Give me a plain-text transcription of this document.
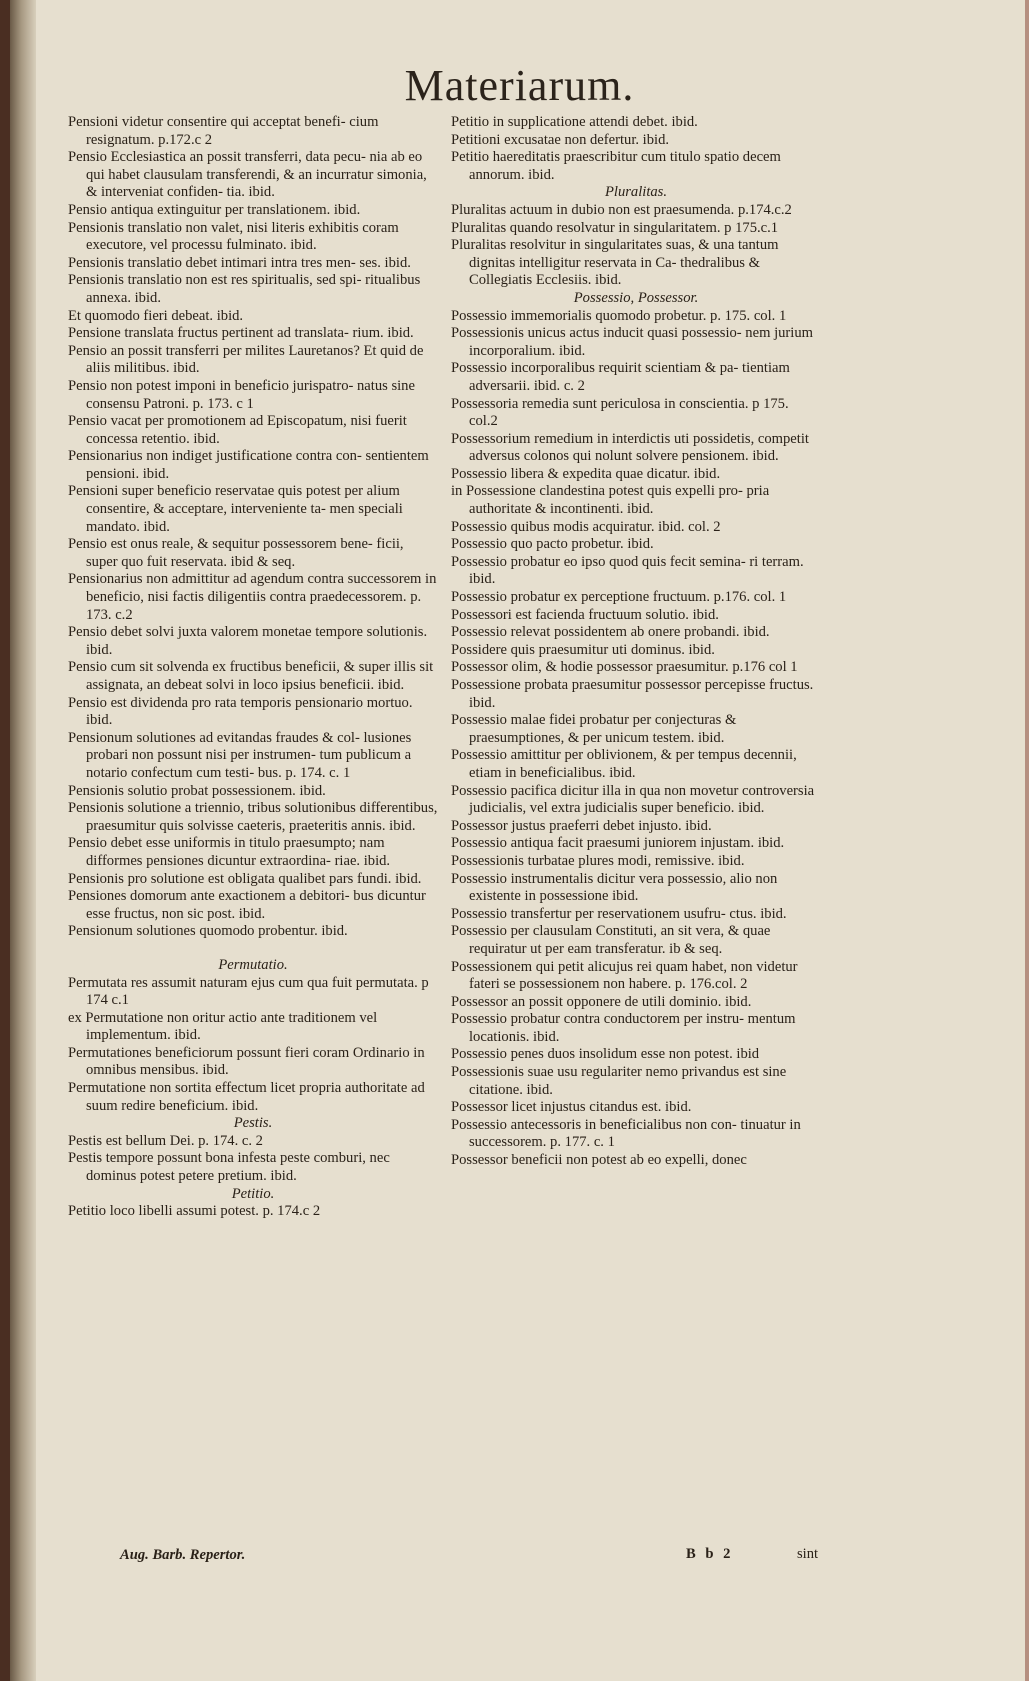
Materiarum.
Pensioni videtur consentire qui acceptat benefi- cium resignatum. p.172.c 2
Pensio Ecclesiastica an possit transferri, data pecu- nia ab eo qui habet clausulam transferendi, & an incurratur simonia, & interveniat confiden- tia. ibid.
Pensio antiqua extinguitur per translationem. ibid.
Pensionis translatio non valet, nisi literis exhibitis coram executore, vel processu fulminato. ibid.
Pensionis translatio debet intimari intra tres men- ses. ibid.
Pensionis translatio non est res spiritualis, sed spi- ritualibus annexa. ibid.
Et quomodo fieri debeat. ibid.
Pensione translata fructus pertinent ad translata- rium. ibid.
Pensio an possit transferri per milites Lauretanos? Et quid de aliis militibus. ibid.
Pensio non potest imponi in beneficio jurispatro- natus sine consensu Patroni. p. 173. c 1
Pensio vacat per promotionem ad Episcopatum, nisi fuerit concessa retentio. ibid.
Pensionarius non indiget justificatione contra con- sentientem pensioni. ibid.
Pensioni super beneficio reservatae quis potest per alium consentire, & acceptare, interveniente ta- men speciali mandato. ibid.
Pensio est onus reale, & sequitur possessorem bene- ficii, super quo fuit reservata. ibid & seq.
Pensionarius non admittitur ad agendum contra successorem in beneficio, nisi factis diligentiis contra praedecessorem. p. 173. c.2
Pensio debet solvi juxta valorem monetae tempore solutionis. ibid.
Pensio cum sit solvenda ex fructibus beneficii, & super illis sit assignata, an debeat solvi in loco ipsius beneficii. ibid.
Pensio est dividenda pro rata temporis pensionario mortuo. ibid.
Pensionum solutiones ad evitandas fraudes & col- lusiones probari non possunt nisi per instrumen- tum publicum a notario confectum cum testi- bus. p. 174. c. 1
Pensionis solutio probat possessionem. ibid.
Pensionis solutione a triennio, tribus solutionibus differentibus, praesumitur quis solvisse caeteris, praeteritis annis. ibid.
Pensio debet esse uniformis in titulo praesumpto; nam difformes pensiones dicuntur extraordina- riae. ibid.
Pensionis pro solutione est obligata qualibet pars fundi. ibid.
Pensiones domorum ante exactionem a debitori- bus dicuntur esse fructus, non sic post. ibid.
Pensionum solutiones quomodo probentur. ibid.
Permutatio.
Permutata res assumit naturam ejus cum qua fuit permutata. p 174 c.1
ex Permutatione non oritur actio ante traditionem vel implementum. ibid.
Permutationes beneficiorum possunt fieri coram Ordinario in omnibus mensibus. ibid.
Permutatione non sortita effectum licet propria authoritate ad suum redire beneficium. ibid.
Pestis.
Pestis est bellum Dei. p. 174. c. 2
Pestis tempore possunt bona infesta peste comburi, nec dominus potest petere pretium. ibid.
Petitio.
Petitio loco libelli assumi potest. p. 174.c 2
Petitio in supplicatione attendi debet. ibid.
Petitioni excusatae non defertur. ibid.
Petitio haereditatis praescribitur cum titulo spatio decem annorum. ibid.
Pluralitas.
Pluralitas actuum in dubio non est praesumenda. p.174.c.2
Pluralitas quando resolvatur in singularitatem. p 175.c.1
Pluralitas resolvitur in singularitates suas, & una tantum dignitas intelligitur reservata in Ca- thedralibus & Collegiatis Ecclesiis. ibid.
Possessio, Possessor.
Possessio immemorialis quomodo probetur. p. 175. col. 1
Possessionis unicus actus inducit quasi possessio- nem jurium incorporalium. ibid.
Possessio incorporalibus requirit scientiam & pa- tientiam adversarii. ibid. c. 2
Possessoria remedia sunt periculosa in conscientia. p 175. col.2
Possessorium remedium in interdictis uti possidetis, competit adversus colonos qui nolunt solvere pensionem. ibid.
Possessio libera & expedita quae dicatur. ibid.
in Possessione clandestina potest quis expelli pro- pria authoritate & incontinenti. ibid.
Possessio quibus modis acquiratur. ibid. col. 2
Possessio quo pacto probetur. ibid.
Possessio probatur eo ipso quod quis fecit semina- ri terram. ibid.
Possessio probatur ex perceptione fructuum. p.176. col. 1
Possessori est facienda fructuum solutio. ibid.
Possessio relevat possidentem ab onere probandi. ibid.
Possidere quis praesumitur uti dominus. ibid.
Possessor olim, & hodie possessor praesumitur. p.176 col 1
Possessione probata praesumitur possessor percepisse fructus. ibid.
Possessio malae fidei probatur per conjecturas & praesumptiones, & per unicum testem. ibid.
Possessio amittitur per oblivionem, & per tempus decennii, etiam in beneficialibus. ibid.
Possessio pacifica dicitur illa in qua non movetur controversia judicialis, vel extra judicialis super beneficio. ibid.
Possessor justus praeferri debet injusto. ibid.
Possessio antiqua facit praesumi juniorem injustam. ibid.
Possessionis turbatae plures modi, remissive. ibid.
Possessio instrumentalis dicitur vera possessio, alio non existente in possessione ibid.
Possessio transfertur per reservationem usufru- ctus. ibid.
Possessio per clausulam Constituti, an sit vera, & quae requiratur ut per eam transferatur. ib & seq.
Possessionem qui petit alicujus rei quam habet, non videtur fateri se possessionem non habere. p. 176.col. 2
Possessor an possit opponere de utili dominio. ibid.
Possessio probatur contra conductorem per instru- mentum locationis. ibid.
Possessio penes duos insolidum esse non potest. ibid
Possessionis suae usu regulariter nemo privandus est sine citatione. ibid.
Possessor licet injustus citandus est. ibid.
Possessio antecessoris in beneficialibus non con- tinuatur in successorem. p. 177. c. 1
Possessor beneficii non potest ab eo expelli, donec
Aug. Barb. Repertor.	B b 2	sint
